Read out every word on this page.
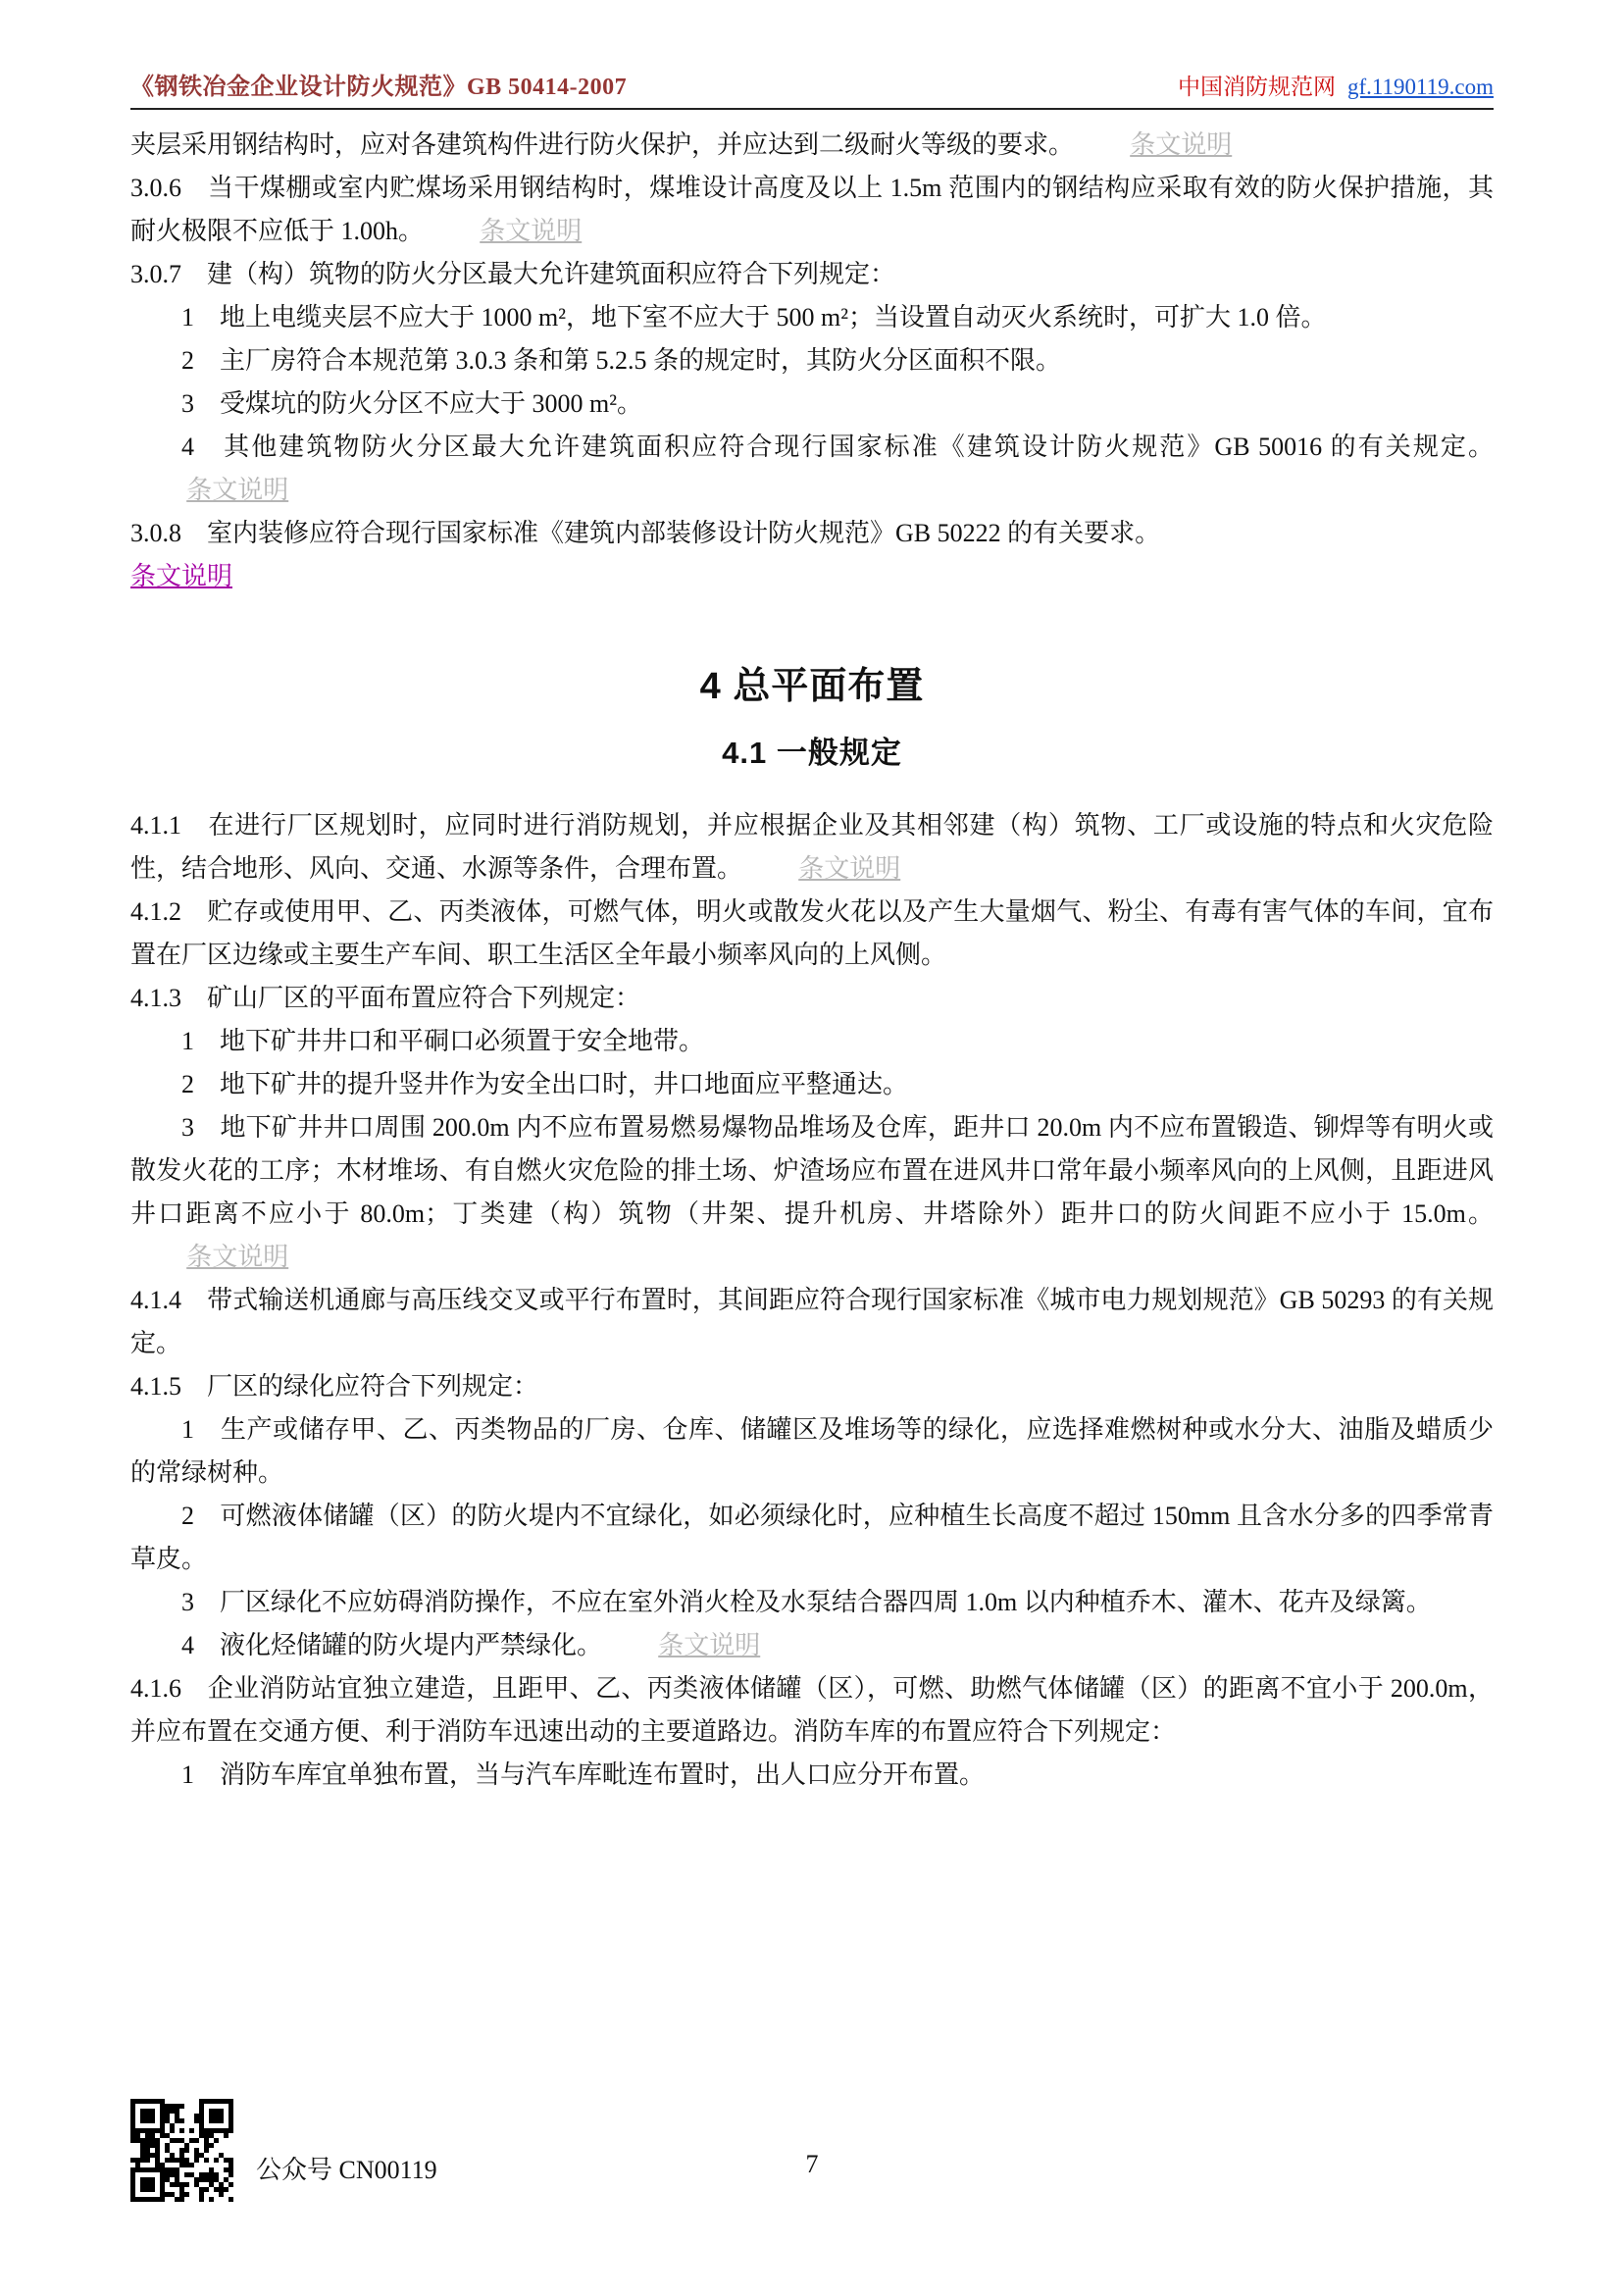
《钢铁冶金企业设计防火规范》GB 50414-2007	中国消防规范网 gf.1190119.com

夹层采用钢结构时，应对各建筑构件进行防火保护，并应达到二级耐火等级的要求。 条文说明

3.0.6　当干煤棚或室内贮煤场采用钢结构时，煤堆设计高度及以上 1.5m 范围内的钢结构应采取有效的防火保护措施，其耐火极限不应低于 1.00h。 条文说明

3.0.7　建（构）筑物的防火分区最大允许建筑面积应符合下列规定：

1　地上电缆夹层不应大于 1000 m²，地下室不应大于 500 m²；当设置自动灭火系统时，可扩大 1.0 倍。

2　主厂房符合本规范第 3.0.3 条和第 5.2.5 条的规定时，其防火分区面积不限。

3　受煤坑的防火分区不应大于 3000 m²。

4　其他建筑物防火分区最大允许建筑面积应符合现行国家标准《建筑设计防火规范》GB 50016 的有关规定。条文说明

3.0.8　室内装修应符合现行国家标准《建筑内部装修设计防火规范》GB 50222 的有关要求。

条文说明

4 总平面布置
4.1 一般规定

4.1.1　在进行厂区规划时，应同时进行消防规划，并应根据企业及其相邻建（构）筑物、工厂或设施的特点和火灾危险性，结合地形、风向、交通、水源等条件，合理布置。 条文说明

4.1.2　贮存或使用甲、乙、丙类液体，可燃气体，明火或散发火花以及产生大量烟气、粉尘、有毒有害气体的车间，宜布置在厂区边缘或主要生产车间、职工生活区全年最小频率风向的上风侧。

4.1.3　矿山厂区的平面布置应符合下列规定：

1　地下矿井井口和平硐口必须置于安全地带。

2　地下矿井的提升竖井作为安全出口时，井口地面应平整通达。

3　地下矿井井口周围 200.0m 内不应布置易燃易爆物品堆场及仓库，距井口 20.0m 内不应布置锻造、铆焊等有明火或散发火花的工序；木材堆场、有自燃火灾危险的排土场、炉渣场应布置在进风井口常年最小频率风向的上风侧，且距进风井口距离不应小于 80.0m；丁类建（构）筑物（井架、提升机房、井塔除外）距井口的防火间距不应小于 15.0m。条文说明

4.1.4　带式输送机通廊与高压线交叉或平行布置时，其间距应符合现行国家标准《城市电力规划规范》GB 50293 的有关规定。

4.1.5　厂区的绿化应符合下列规定：

1　生产或储存甲、乙、丙类物品的厂房、仓库、储罐区及堆场等的绿化，应选择难燃树种或水分大、油脂及蜡质少的常绿树种。

2　可燃液体储罐（区）的防火堤内不宜绿化，如必须绿化时，应种植生长高度不超过 150mm 且含水分多的四季常青草皮。

3　厂区绿化不应妨碍消防操作，不应在室外消火栓及水泵结合器四周 1.0m 以内种植乔木、灌木、花卉及绿篱。

4　液化烃储罐的防火堤内严禁绿化。 条文说明

4.1.6　企业消防站宜独立建造，且距甲、乙、丙类液体储罐（区），可燃、助燃气体储罐（区）的距离不宜小于 200.0m，并应布置在交通方便、利于消防车迅速出动的主要道路边。消防车库的布置应符合下列规定：

1　消防车库宜单独布置，当与汽车库毗连布置时，出人口应分开布置。

公众号 CN00119	7
